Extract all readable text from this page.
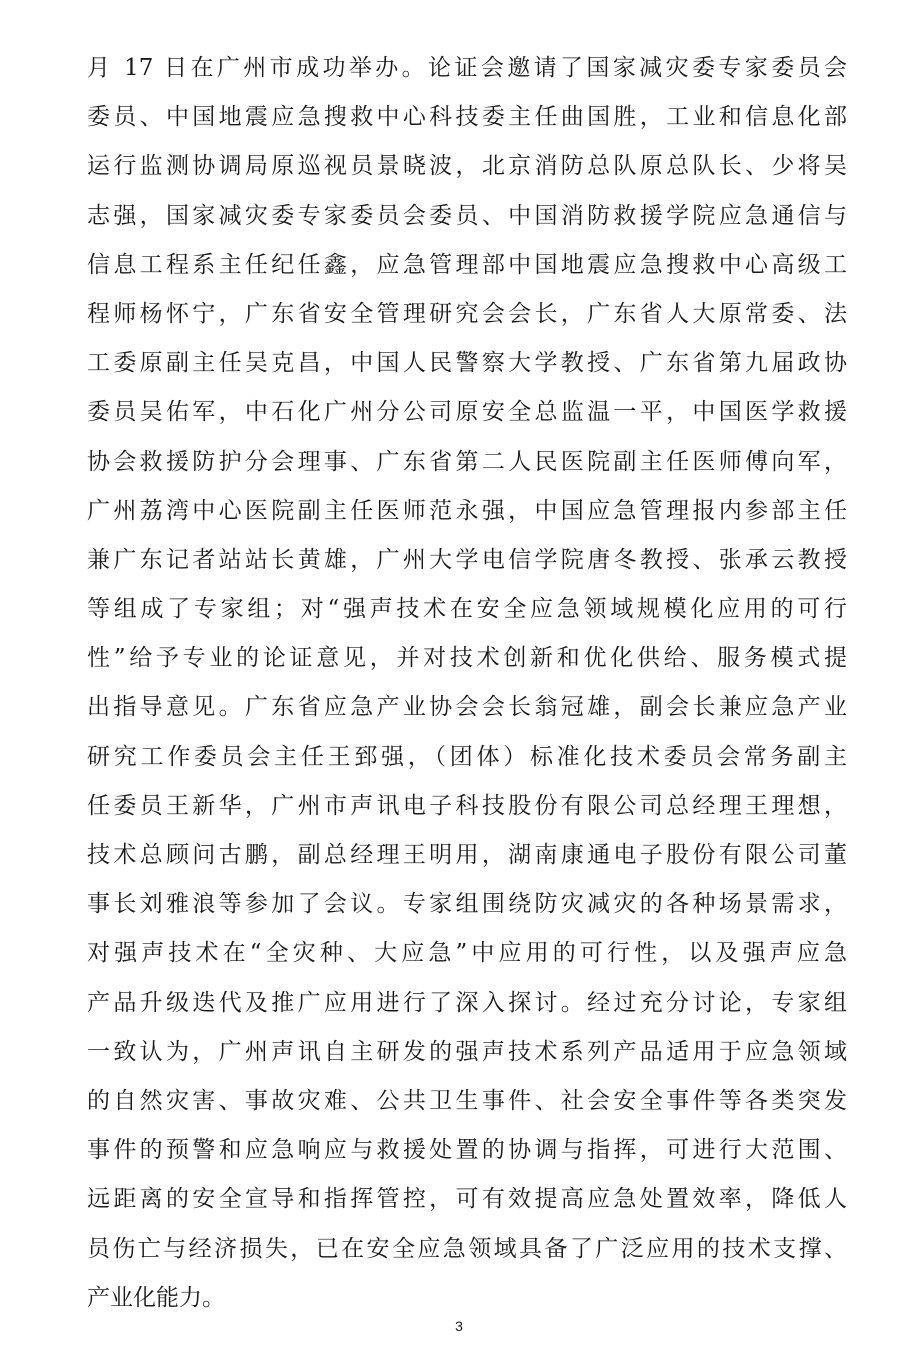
月 17 日在广州市成功举办。论证会邀请了国家减灾委专家委员会
委员、中国地震应急搜救中心科技委主任曲国胜，工业和信息化部
运行监测协调局原巡视员景晓波，北京消防总队原总队长、少将吴
志强，国家减灾委专家委员会委员、中国消防救援学院应急通信与
信息工程系主任纪任鑫，应急管理部中国地震应急搜救中心高级工
程师杨怀宁，广东省安全管理研究会会长，广东省人大原常委、法
工委原副主任吴克昌，中国人民警察大学教授、广东省第九届政协
委员吴佑军，中石化广州分公司原安全总监温一平，中国医学救援
协会救援防护分会理事、广东省第二人民医院副主任医师傅向军，
广州荔湾中心医院副主任医师范永强，中国应急管理报内参部主任
兼广东记者站站长黄雄，广州大学电信学院唐冬教授、张承云教授
等组成了专家组；对“强声技术在安全应急领域规模化应用的可行
性”给予专业的论证意见，并对技术创新和优化供给、服务模式提
出指导意见。广东省应急产业协会会长翁冠雄，副会长兼应急产业
研究工作委员会主任王郅强，（团体）标准化技术委员会常务副主
任委员王新华，广州市声讯电子科技股份有限公司总经理王理想，
技术总顾问古鹏，副总经理王明用，湖南康通电子股份有限公司董
事长刘雅浪等参加了会议。专家组围绕防灾减灾的各种场景需求，
对强声技术在“全灾种、大应急”中应用的可行性，以及强声应急
产品升级迭代及推广应用进行了深入探讨。经过充分讨论，专家组
一致认为，广州声讯自主研发的强声技术系列产品适用于应急领域
的自然灾害、事故灾难、公共卫生事件、社会安全事件等各类突发
事件的预警和应急响应与救援处置的协调与指挥，可进行大范围、
远距离的安全宣导和指挥管控，可有效提高应急处置效率，降低人
员伤亡与经济损失，已在安全应急领域具备了广泛应用的技术支撑、
产业化能力。
3
